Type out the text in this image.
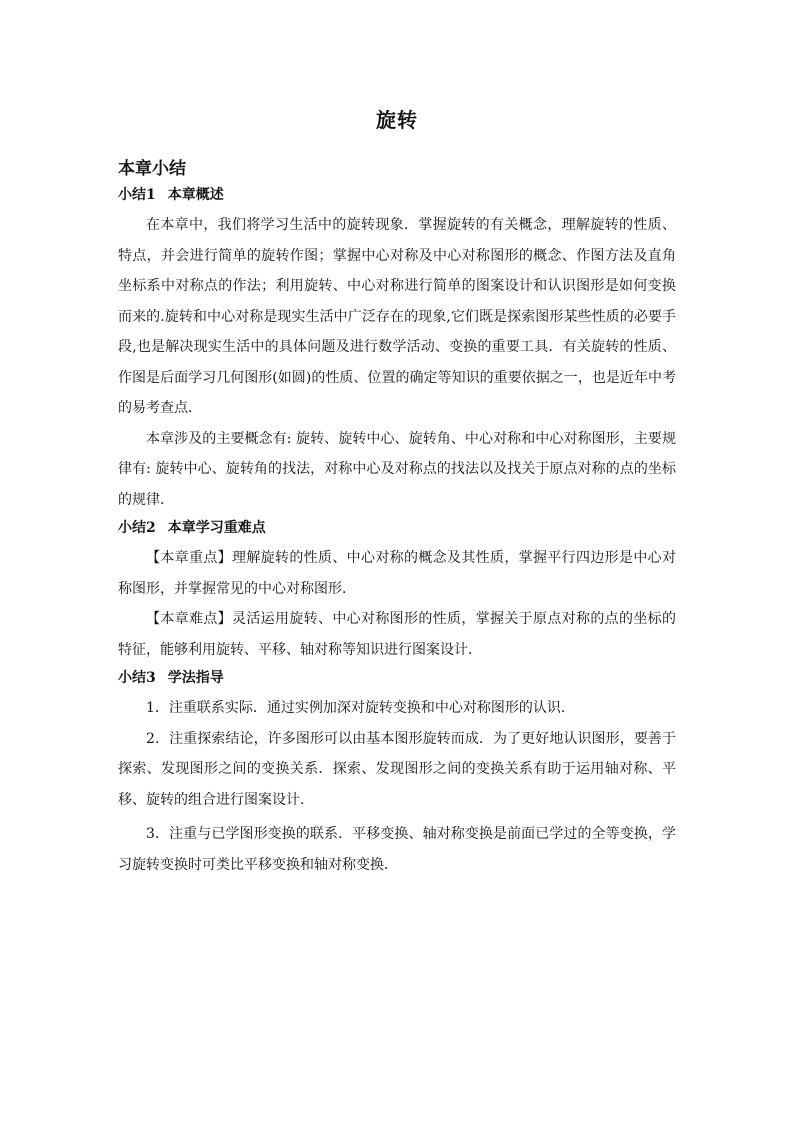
旋转
本章小结

小结1 本章概述

在本章中，我们将学习生活中的旋转现象．掌握旋转的有关概念，理解旋转的性质、特点，并会进行简单的旋转作图；掌握中心对称及中心对称图形的概念、作图方法及直角坐标系中对称点的作法；利用旋转、中心对称进行简单的图案设计和认识图形是如何变换而来的.旋转和中心对称是现实生活中广泛存在的现象,它们既是探索图形某些性质的必要手段,也是解决现实生活中的具体问题及进行数学活动、变换的重要工具．有关旋转的性质、作图是后面学习几何图形(如圆)的性质、位置的确定等知识的重要依据之一，也是近年中考的易考查点．

本章涉及的主要概念有: 旋转、旋转中心、旋转角、中心对称和中心对称图形，主要规律有: 旋转中心、旋转角的找法，对称中心及对称点的找法以及找关于原点对称的点的坐标的规律．

小结2 本章学习重难点

【本章重点】理解旋转的性质、中心对称的概念及其性质，掌握平行四边形是中心对称图形，并掌握常见的中心对称图形．

【本章难点】灵活运用旋转、中心对称图形的性质，掌握关于原点对称的点的坐标的特征，能够利用旋转、平移、轴对称等知识进行图案设计．

小结3 学法指导

1．注重联系实际．通过实例加深对旋转变换和中心对称图形的认识．

2．注重探索结论，许多图形可以由基本图形旋转而成．为了更好地认识图形，要善于探索、发现图形之间的变换关系．探索、发现图形之间的变换关系有助于运用轴对称、平移、旋转的组合进行图案设计．

3．注重与已学图形变换的联系．平移变换、轴对称变换是前面已学过的全等变换，学习旋转变换时可类比平移变换和轴对称变换．
